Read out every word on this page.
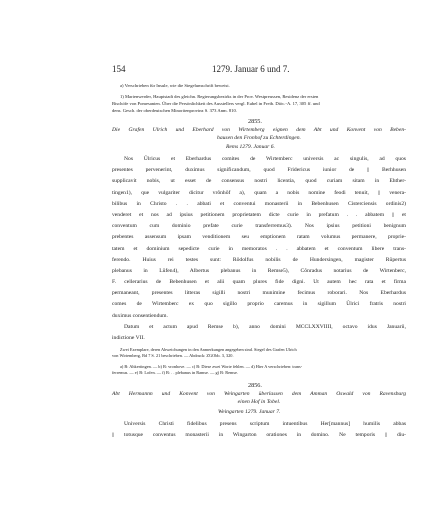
154	1279. Januar 6 und 7.
a) Verschrieben für Insule, wie die Siegelumschrift beweist.
1) Marienwerder, Hauptstadt des gleichn. Regierungsbezirks in der Prov. Westpreussen, Residenz der ersten
Bischöfe von Pomesanien. Über die Persönlichkeit des Ausstellers vergl. Eubel in Freib. Diöc.-A. 17, 305 ff. und
dens. Gesch. der oberdeutschen Minoritenprovinz S. 373 Anm. 810.
2855.
Die Grafen Ulrich und Eberhard von Wirtemberg eignen dem Abt und Konvent von Beben-
hausen den Fronhof zu Echterdingen.
Rems 1279. Januar 6.
Nos Ŭlricus et Eberhardus comites de Wirtemberc universis ac singulis, ad quos
presentes pervenerint, duximus significandum, quod Fridericus iunior de || Berhhusen
supplicavit nobis, ut esset de consensus nostri licentia, quod curiam sitam in Ehther-
tingen1), que vulgariter dicitur vrônhôf a), quam a nobis nomine feodi tenuit, || venera-
bilibus in Christo . . abbati et conventui monasterii in Bebenhusen Cisterciensis ordinis2)
venderet et nos ad ipsius petitionem proprietatem dicte curie in prefatum . . abbatem || et
conventum cum dominio prefate curie transferremus3). Nos ipsius petitioni benignum
prebentes assensum ipsam venditionem seu emptionem ratam volumus permanere, proprie-
tatem et dominium sepedicte curie in memoratos . . abbatem et conventum libere trans-
ferendo. Huius rei testes sunt: Rôdolfus nobilis de Hundersingen, magister Rŭpertus
plebanus in Lŭfen4), Albertus plebanus in Remse5), Cŏnradus notarius de Wirtenberc,
F. cellerarius de Bebenhusen et alii quam plures fide digni. Ut autem hec rata et firma
permaneant, presentes litteras sigilli nostri munimine fecimus roborari. Nos Eberhardus
comes de Wirtemberc ex quo sigillo proprio caremus in sigillum Ŭlrici fratris nostri
duximus consentiendum.
Datum et actum apud Remse b), anno domini MCCLXXVIIII, octavo idus Januarii,
indictione VII.
Zwei Exemplare, deren Abweichungen in den Anmerkungen angegeben sind. Siegel des Grafen Ulrich
von Wirtemberg, Bd 7 S. 21 beschrieben. — Abdruck: ZGObb. 3, 320.
a) B: Ahkertingen. — b) B: vronhove. — c) B: Diese zwei Worte fehlen. — d) Hier A verschrieben: trans-
ferremus. — e) B: Lofen. — f) B: . . plebanus in Ramse. — g) B: Remse.
2856.
Abt Hermannn und Konvent von Weingarten überlassen dem Amman Oswald von Ravensburg
einen Hof in Tobel.
Weingarten 1279. Januar 7.
Universis Christi fidelibus presens scriptum intuentibus Her[mannus] humilis abbas
|| totusque conventus monasterii in Wingarton orationes in domino. Ne temporis || diu-
